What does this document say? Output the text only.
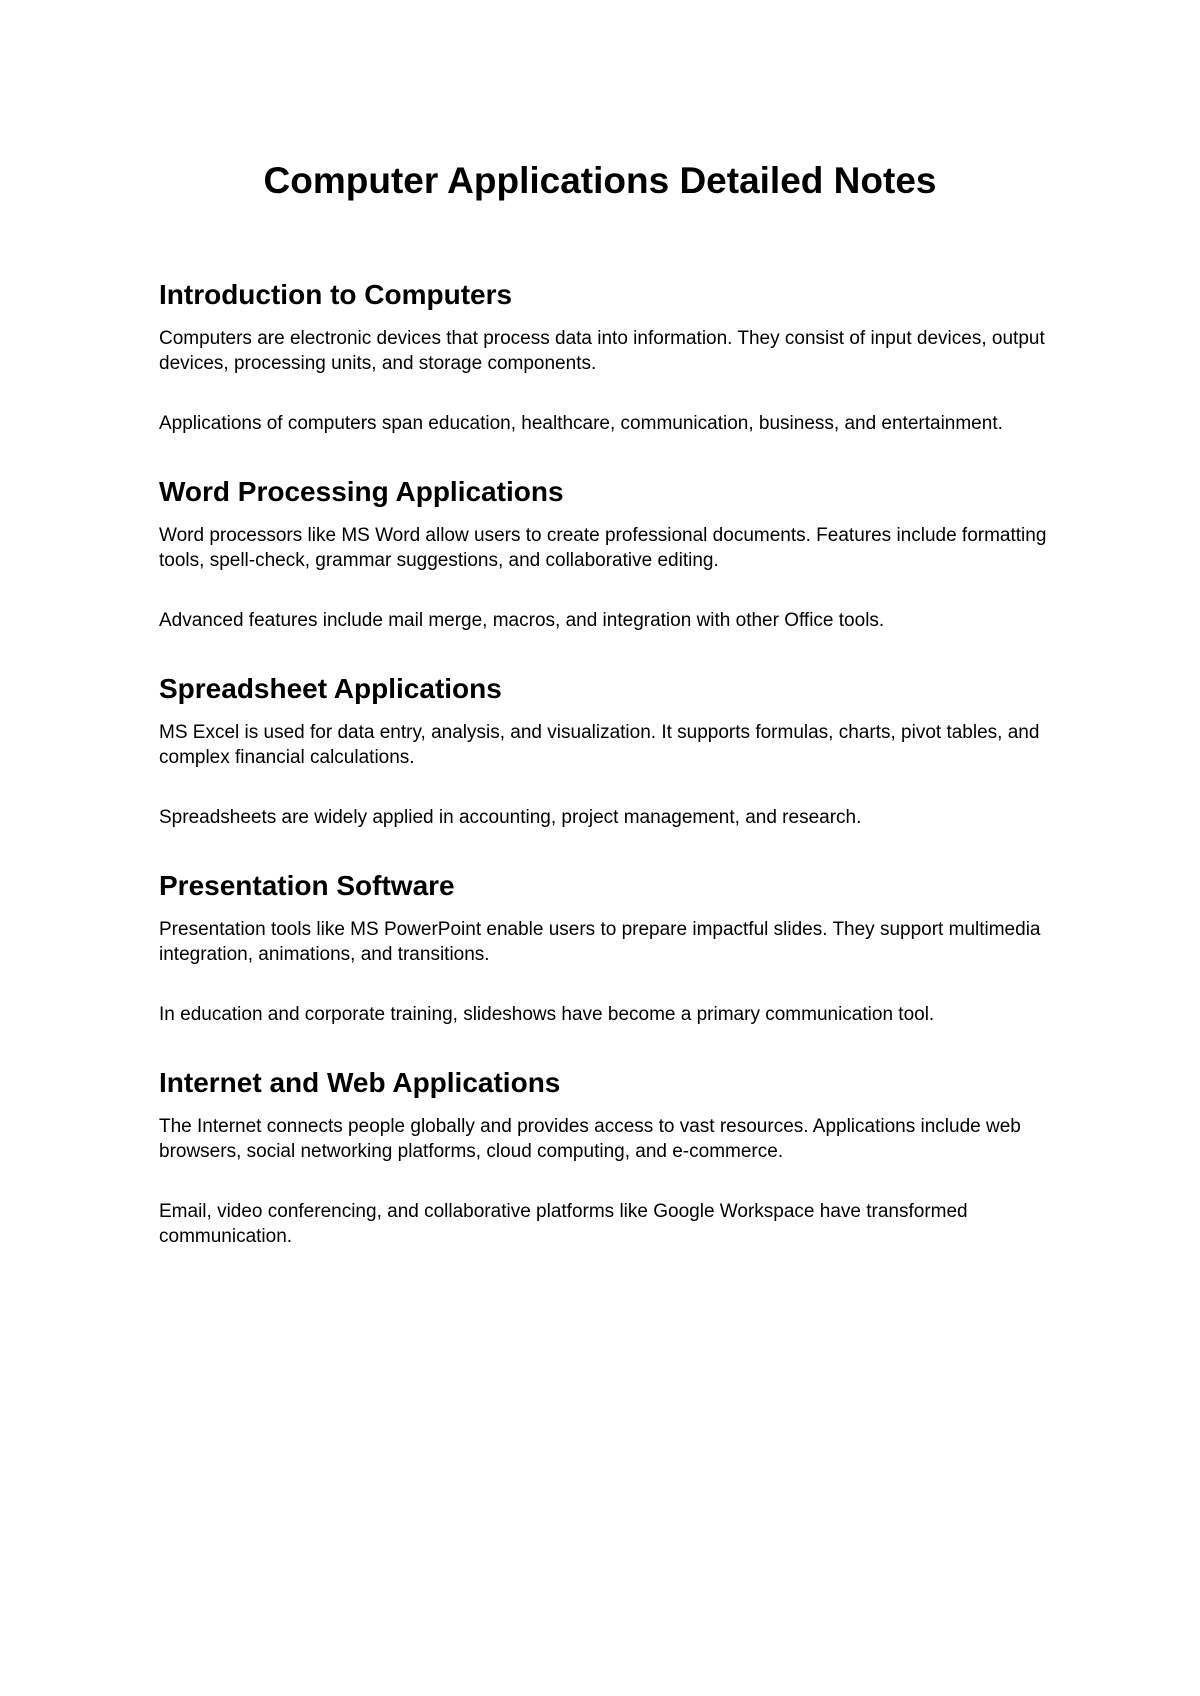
Computer Applications Detailed Notes
Introduction to Computers

Computers are electronic devices that process data into information. They consist of input devices, output devices, processing units, and storage components.

Applications of computers span education, healthcare, communication, business, and entertainment.

Word Processing Applications

Word processors like MS Word allow users to create professional documents. Features include formatting tools, spell-check, grammar suggestions, and collaborative editing.

Advanced features include mail merge, macros, and integration with other Office tools.

Spreadsheet Applications

MS Excel is used for data entry, analysis, and visualization. It supports formulas, charts, pivot tables, and complex financial calculations.

Spreadsheets are widely applied in accounting, project management, and research.

Presentation Software

Presentation tools like MS PowerPoint enable users to prepare impactful slides. They support multimedia integration, animations, and transitions.

In education and corporate training, slideshows have become a primary communication tool.

Internet and Web Applications

The Internet connects people globally and provides access to vast resources. Applications include web browsers, social networking platforms, cloud computing, and e-commerce.

Email, video conferencing, and collaborative platforms like Google Workspace have transformed communication.
